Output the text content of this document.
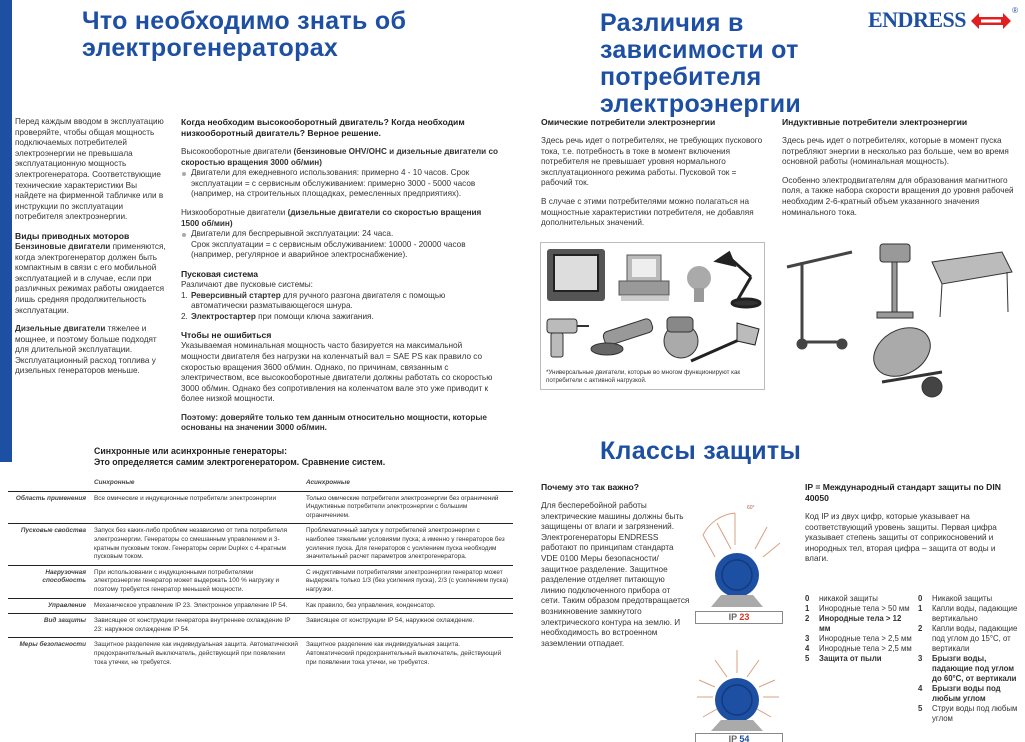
Что необходимо знать об электрогенераторах
Различия в зависимости от потребителя электроэнергии
ENDRESS	®
Перед каждым вводом в эксплуатацию проверяйте, чтобы общая мощность подключаемых потребителей электроэнергии не превышала эксплуатационную мощность электрогенератора. Соответствующие технические характеристики Вы найдете на фирменной табличке или в инструкции по эксплуатации потребителя электроэнергии.
Виды приводных моторов
Бензиновые двигатели применяются, когда электрогенератор должен быть компактным в связи с его мобильной эксплуатацией и в случае, если при различных режимах работы ожидается лишь средняя продолжительность эксплуатации.
Дизельные двигатели тяжелее и мощнее, и поэтому больше подходят для длительной эксплуатации. Эксплуатационный расход топлива у дизельных генераторов меньше.
Когда необходим высокооборотный двигатель? Когда необходим низкооборотный двигатель? Верное решение.
Высокооборотные двигатели (бензиновые OHV/OHC и дизельные двигатели со скоростью вращения 3000 об/мин)
Двигатели для ежедневного использования: примерно 4 - 10 часов. Срок эксплуатации = с сервисным обслуживанием: примерно 3000 - 5000 часов (например, на строительных площадках, ремесленных предприятиях).
Низкооборотные двигатели (дизельные двигатели со скоростью вращения 1500 об/мин)
Двигатели для беспрерывной эксплуатации: 24 часа.
Срок эксплуатации = с сервисным обслуживанием: 10000 - 20000 часов (например, регулярное и аварийное электроснабжение).
Пусковая система
Различают две пусковые системы:
1. Реверсивный стартер для ручного разгона двигателя с помощью автоматически разматывающегося шнура.
2. Электростартер при помощи ключа зажигания.
Чтобы не ошибиться
Указываемая номинальная мощность часто базируется на максимальной мощности двигателя без нагрузки на коленчатый вал = SAE PS как правило со скоростью вращения 3600 об/мин. Однако, по причинам, связанным с электричеством, все высокооборотные двигатели должны работать со скоростью 3000 об/мин. Однако без сопротивления на коленчатом вале это уже приводит к более низкой мощности.
Поэтому: доверяйте только тем данным относительно мощности, которые основаны на значении 3000 об/мин.
Омические потребители электроэнергии
Здесь речь идет о потребителях, не требующих пускового тока, т.е. потребность в токе в момент включения потребителя не превышает уровня нормального эксплуатационного режима работы. Пусковой ток = рабочий ток.
В случае с этими потребителями можно полагаться на мощностные характеристики потребителя, не добавляя дополнительных значений.
Индуктивные потребители электроэнергии
Здесь речь идет о потребителях, которые в момент пуска потребляют энергии в несколько раз больше, чем во время основной работы (номинальная мощность).
Особенно электродвигателям для образования магнитного поля, а также набора скорости вращения до уровня рабочей необходим 2-6-кратный объем указанного значения номинального тока.
*Универсальные двигатели, которые во многом функционируют как потребители с активной нагрузкой.
Синхронные или асинхронные генераторы:
Это определяется самим электрогенератором. Сравнение систем.
	Синхронные	Асинхронные
Область применения	Все омические и индукционные потребители электроэнергии	Только омические потребители электроэнергии без ограничений Индуктивные потребители электроэнергии с большим ограничением.
Пусковые свойства	Запуск без каких-либо проблем независимо от типа потребителя электроэнергии. Генераторы со смешанным управлением и 3-кратным пусковым током. Генераторы серии Duplex с 4-кратным пусковым током.	Проблематичный запуск у потребителей электроэнергии с наиболее тяжелыми условиями пуска; а именно у генераторов без усиления пуска. Для генераторов с усилением пуска необходим значительный расчет параметров электрогенератора.
Нагрузочная способность	При использовании с индукционными потребителями электроэнергии генератор может выдержать 100 % нагрузку и поэтому требуется генератор меньшей мощности.	С индуктивными потребителями электроэнергии генератор может выдержать только 1/3 (без усиления пуска), 2/3 (с усилением пуска) нагрузки.
Управление	Механическое управление IP 23. Электронное управление IP 54.	Как правило, без управления, конденсатор.
Вид защиты	Зависящее от конструкции генератора внутреннее охлаждение IP 23: наружное охлаждение IP 54.	Зависящее от конструкции IP 54, наружное охлаждение.
Меры безопасности	Защитное разделение как индивидуальная защита. Автоматический предохранительный выключатель, действующий при появлении тока утечки, не требуется.	Защитное разделение как индивидуальная защита. Автоматический предохранительный выключатель, действующий при появлении тока утечки, не требуется.
Классы защиты
Почему это так важно?
Для бесперебойной работы электрические машины должны быть защищены от влаги и загрязнений. Электрогенераторы ENDRESS работают по принципам стандарта VDE 0100 Меры безопасности/защитное разделение. Защитное разделение отделяет питающую линию подключенного прибора от сети. Таким образом предотвращается возникновение замкнутого электрического контура на землю. И необходимость во встроенном заземлении отпадает.
60°
IP 23
IP 54
IP = Международный стандарт защиты по DIN 40050
Код IP из двух цифр, которые указывает на соответствующий уровень защиты. Первая цифра указывает степень защиты от соприкосновений и инородных тел, вторая цифра – защита от воды и влаги.
0	никакой защиты
1	Инородные тела > 50 мм
2	Инородные тела > 12 мм
3	Инородные тела > 2,5 мм
4	Инородные тела > 2,5 мм
5	Защита от пыли
0	Никакой защиты
1	Капли воды, падающие вертикально
2	Капли воды, падающие под углом до 15°C, от вертикали
3	Брызги воды, падающие под углом до 60°C, от вертикали
4	Брызги воды под любым углом
5	Струи воды под любым углом
